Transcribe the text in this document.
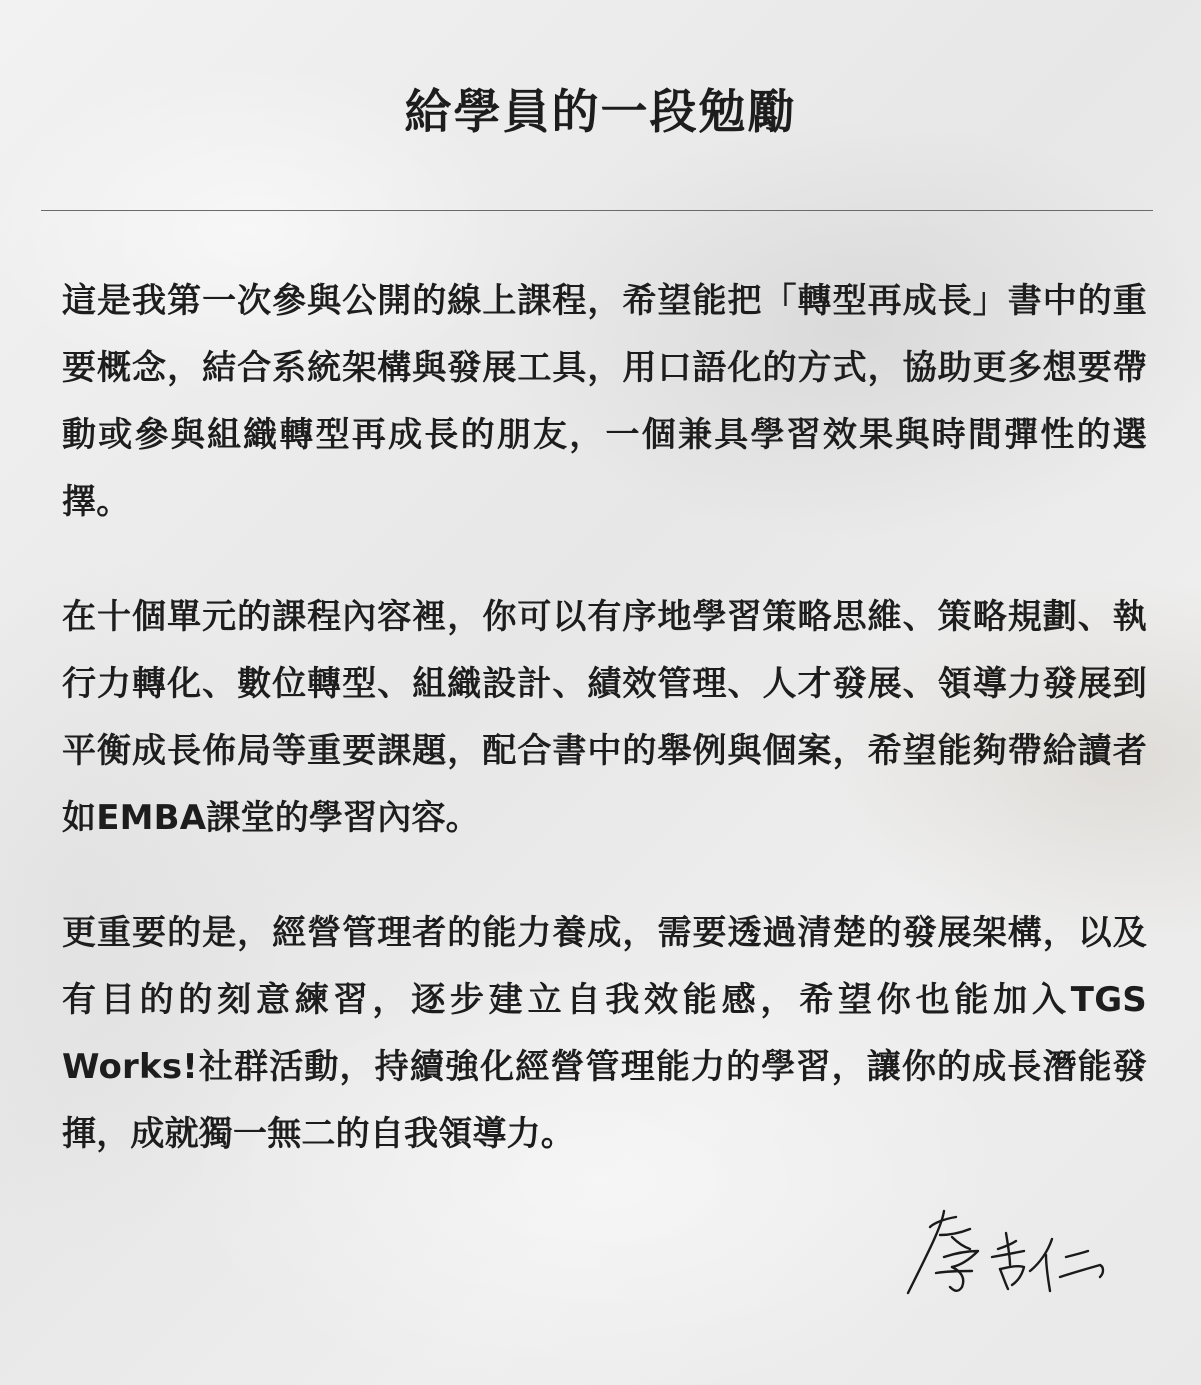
給學員的一段勉勵

這是我第一次參與公開的線上課程，希望能把「轉型再成長」書中的重要概念，結合系統架構與發展工具，用口語化的方式，協助更多想要帶動或參與組織轉型再成長的朋友，一個兼具學習效果與時間彈性的選擇。

在十個單元的課程內容裡，你可以有序地學習策略思維、策略規劃、執行力轉化、數位轉型、組織設計、績效管理、人才發展、領導力發展到平衡成長佈局等重要課題，配合書中的舉例與個案，希望能夠帶給讀者如EMBA課堂的學習內容。

更重要的是，經營管理者的能力養成，需要透過清楚的發展架構，以及有目的的刻意練習，逐步建立自我效能感，希望你也能加入TGS Works!社群活動，持續強化經營管理能力的學習，讓你的成長潛能發揮，成就獨一無二的自我領導力。
